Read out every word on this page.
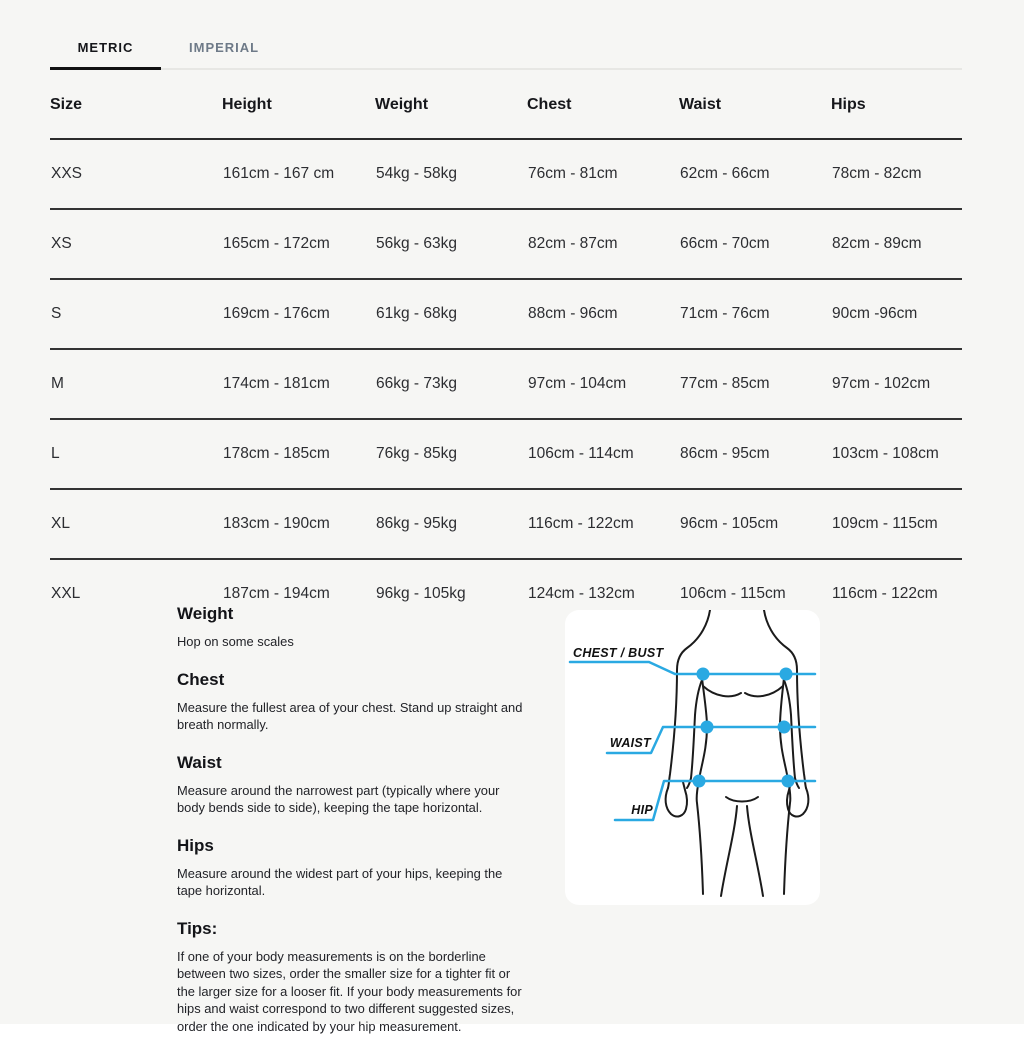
METRIC	IMPERIAL
Size	Height	Weight	Chest	Waist	Hips
XXS	161cm - 167 cm	54kg - 58kg	76cm - 81cm	62cm - 66cm	78cm - 82cm
XS	165cm - 172cm	56kg - 63kg	82cm - 87cm	66cm - 70cm	82cm - 89cm
S	169cm - 176cm	61kg - 68kg	88cm - 96cm	71cm - 76cm	90cm -96cm
M	174cm - 181cm	66kg - 73kg	97cm - 104cm	77cm - 85cm	97cm - 102cm
L	178cm - 185cm	76kg - 85kg	106cm - 114cm	86cm - 95cm	103cm - 108cm
XL	183cm - 190cm	86kg - 95kg	116cm - 122cm	96cm - 105cm	109cm - 115cm
XXL	187cm - 194cm	96kg - 105kg	124cm - 132cm	106cm - 115cm	116cm - 122cm
Weight

Hop on some scales

Chest

Measure the fullest area of your chest. Stand up straight and breath normally.

Waist

Measure around the narrowest part (typically where your body bends side to side), keeping the tape horizontal.

Hips

Measure around the widest part of your hips, keeping the tape horizontal.

Tips:

If one of your body measurements is on the borderline between two sizes, order the smaller size for a tighter fit or the larger size for a looser fit. If your body measurements for hips and waist correspond to two different suggested sizes, order the one indicated by your hip measurement.

CHEST / BUST
WAIST
HIP
